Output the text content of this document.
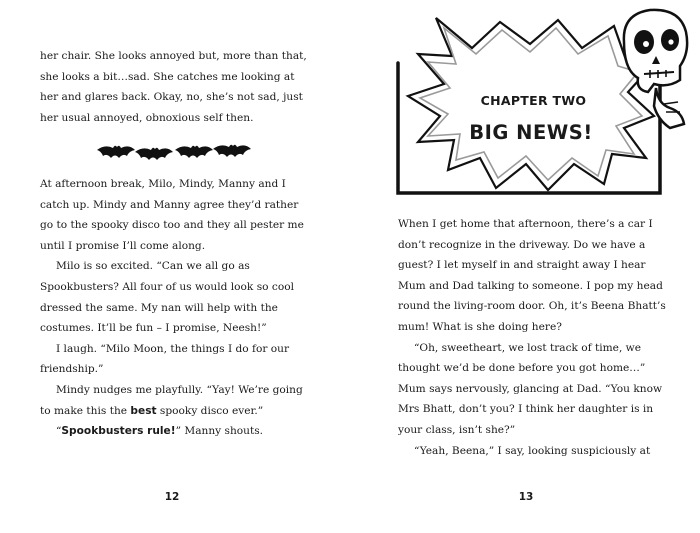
her chair. She looks annoyed but, more than that, she looks a bit…sad. She catches me looking at her and glares back. Okay, no, she’s not sad, just her usual annoyed, obnoxious self then.

At afternoon break, Milo, Mindy, Manny and I catch up. Mindy and Manny agree they’d rather go to the spooky disco too and they all pester me until I promise I’ll come along.

Milo is so excited. “Can we all go as Spookbusters? All four of us would look so cool dressed the same. My nan will help with the costumes. It’ll be fun – I promise, Neesh!”

I laugh. “Milo Moon, the things I do for our friendship.”

Mindy nudges me playfully. “Yay! We’re going to make this the best spooky disco ever.”

“Spookbusters rule!” Manny shouts.

12
CHAPTER TWO
BIG NEWS!

When I get home that afternoon, there’s a car I don’t recognize in the driveway. Do we have a guest? I let myself in and straight away I hear Mum and Dad talking to someone. I pop my head round the living-room door. Oh, it’s Beena Bhatt’s mum! What is she doing here?

“Oh, sweetheart, we lost track of time, we thought we’d be done before you got home…” Mum says nervously, glancing at Dad. “You know Mrs Bhatt, don’t you? I think her daughter is in your class, isn’t she?”

“Yeah, Beena,” I say, looking suspiciously at

13
